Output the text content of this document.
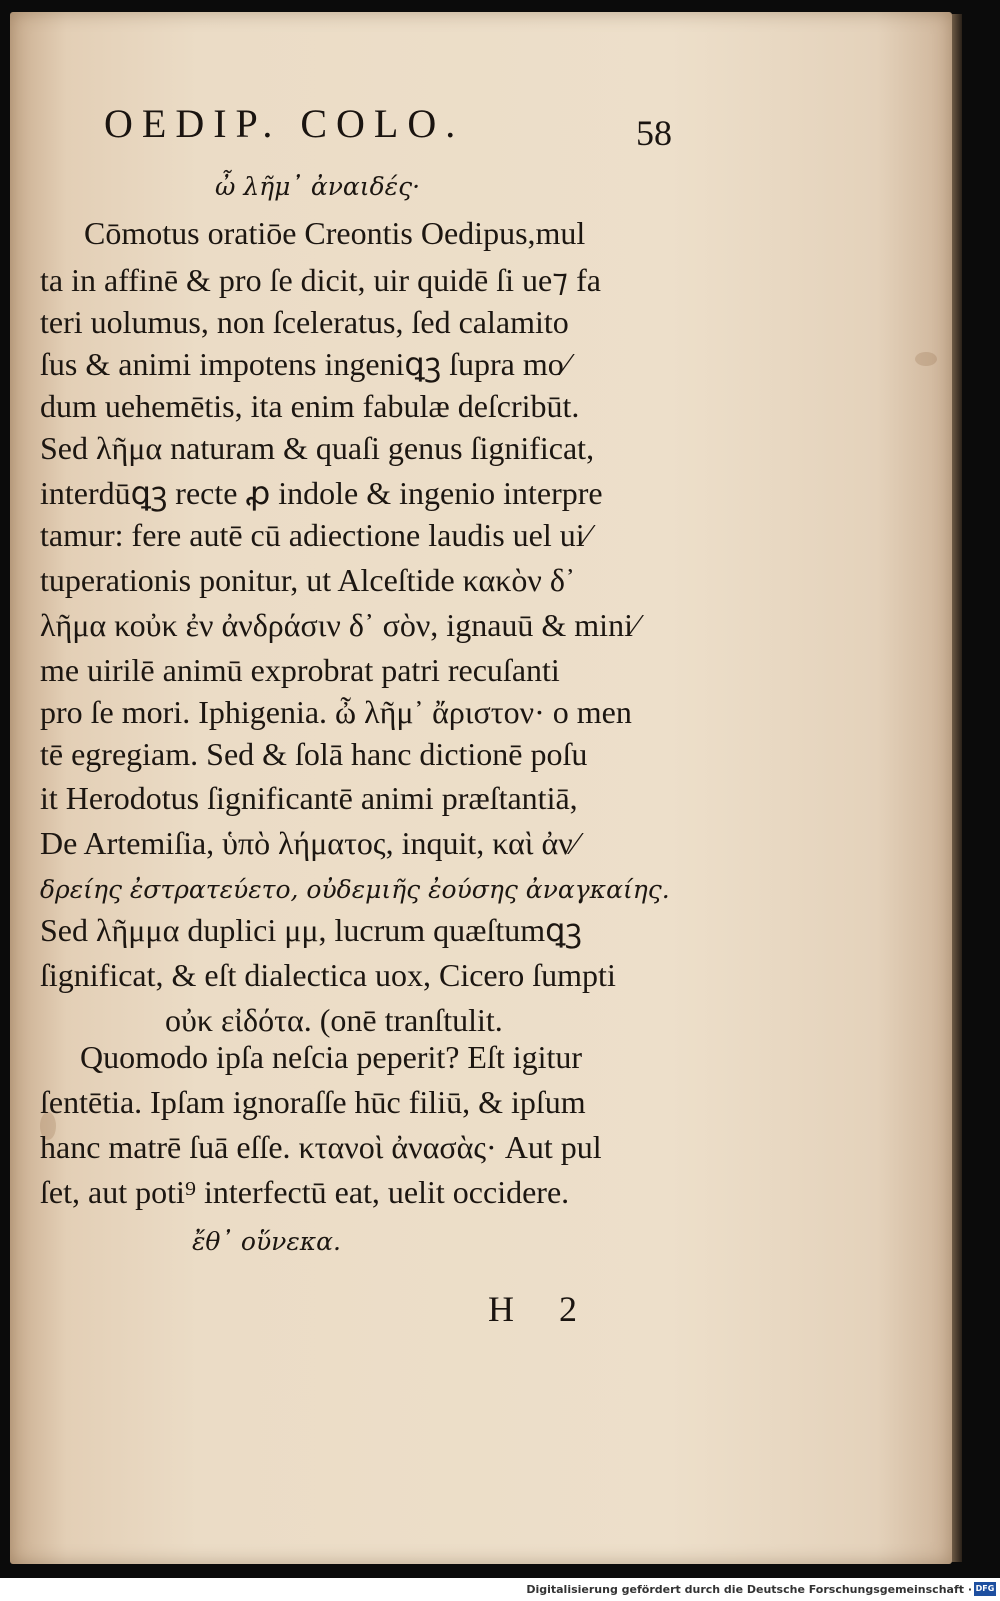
OEDIP. COLO.	58
ὦ λῆμ᾽ ἀναιδές·
Cōmotus oratiōe Creontis Oedipus,mul
ta in affinē & pro ſe dicit, uir quidē ſi ue⁊ fa
teri uolumus, non ſceleratus, ſed calamito
ſus & animi impotens ingeniꝗꝫ ſupra mo⁄
dum uehemētis, ita enim fabulæ deſcribūt.
Sed λῆμα naturam & quaſi genus ſignificat,
interdūꝗꝫ recte ꝓ indole & ingenio interpre
tamur: fere autē cū adiectione laudis uel ui⁄
tuperationis ponitur, ut Alceſtide κακὸν δ᾽
λῆμα κοὐκ ἐν ἀνδράσιν δ᾽ σὸν, ignauū & mini⁄
me uirilē animū exprobrat patri recuſanti
pro ſe mori. Iphigenia. ὦ λῆμ᾽ ἄριστον· o men
tē egregiam. Sed & ſolā hanc dictionē poſu
it Herodotus ſignificantē animi præſtantiā,
De Artemiſia, ὑπὸ λήματος, inquit, καὶ ἀν⁄
δρείης ἐστρατεύετο, οὐδεμιῆς ἐούσης ἀναγκαίης.
Sed λῆμμα duplici μμ, lucrum quæſtumꝗꝫ
ſignificat, & eſt dialectica uox, Cicero ſumpti
οὐκ εἰδότα. (onē tranſtulit.
Quomodo ipſa neſcia peperit? Eſt igitur
ſentētia. Ipſam ignoraſſe hūc filiū, & ipſum
hanc matrē ſuā eſſe. κτανοὶ ἀνασὰς· Aut pul
ſet, aut poti⁹ interfectū eat, uelit occidere.
ἔθ᾽ οὕνεκα.
H 2
Digitalisierung gefördert durch die Deutsche Forschungsgemeinschaft · DFG
